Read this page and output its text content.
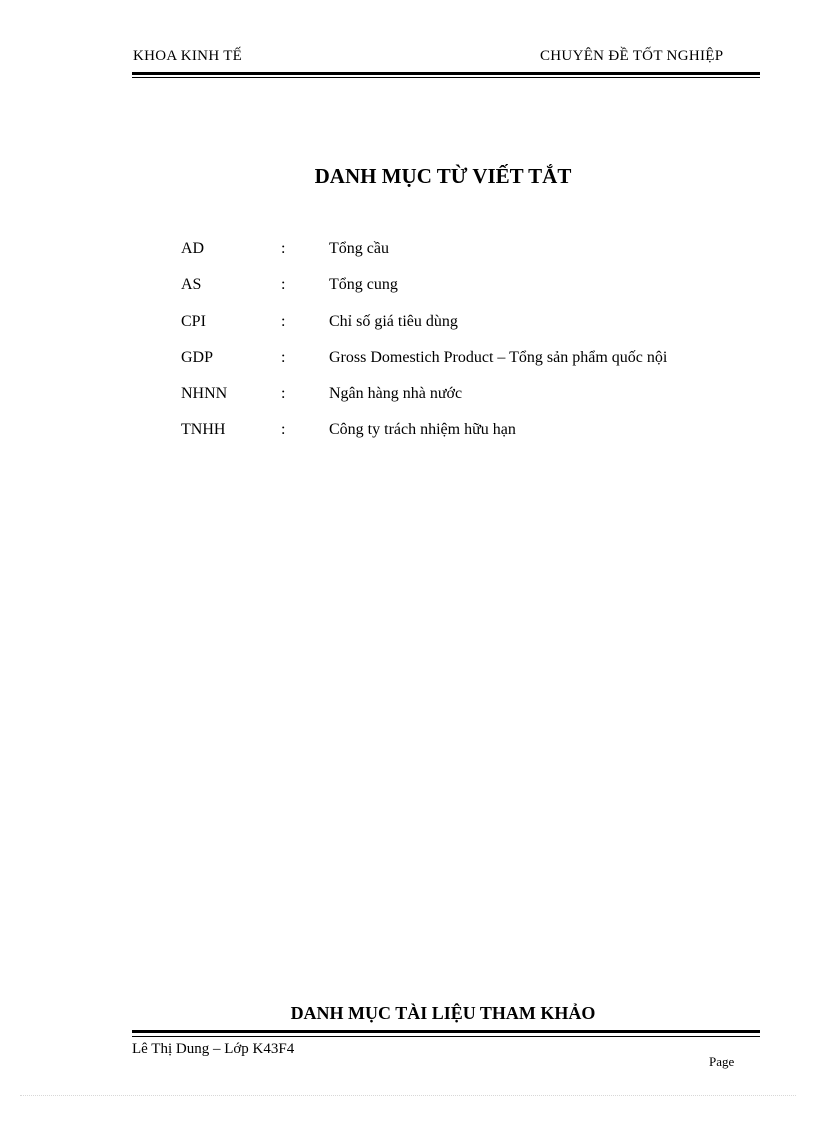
KHOA KINH TẾ	CHUYÊN ĐỀ TỐT NGHIỆP
DANH MỤC TỪ VIẾT TẮT
AD	:	Tổng cầu
AS	:	Tổng cung
CPI	:	Chỉ số giá tiêu dùng
GDP	:	Gross Domestich Product – Tổng sản phẩm quốc nội
NHNN	:	Ngân hàng nhà nước
TNHH	:	Công ty trách nhiệm hữu hạn
DANH MỤC TÀI LIỆU THAM KHẢO
Lê Thị Dung – Lớp K43F4
Page
